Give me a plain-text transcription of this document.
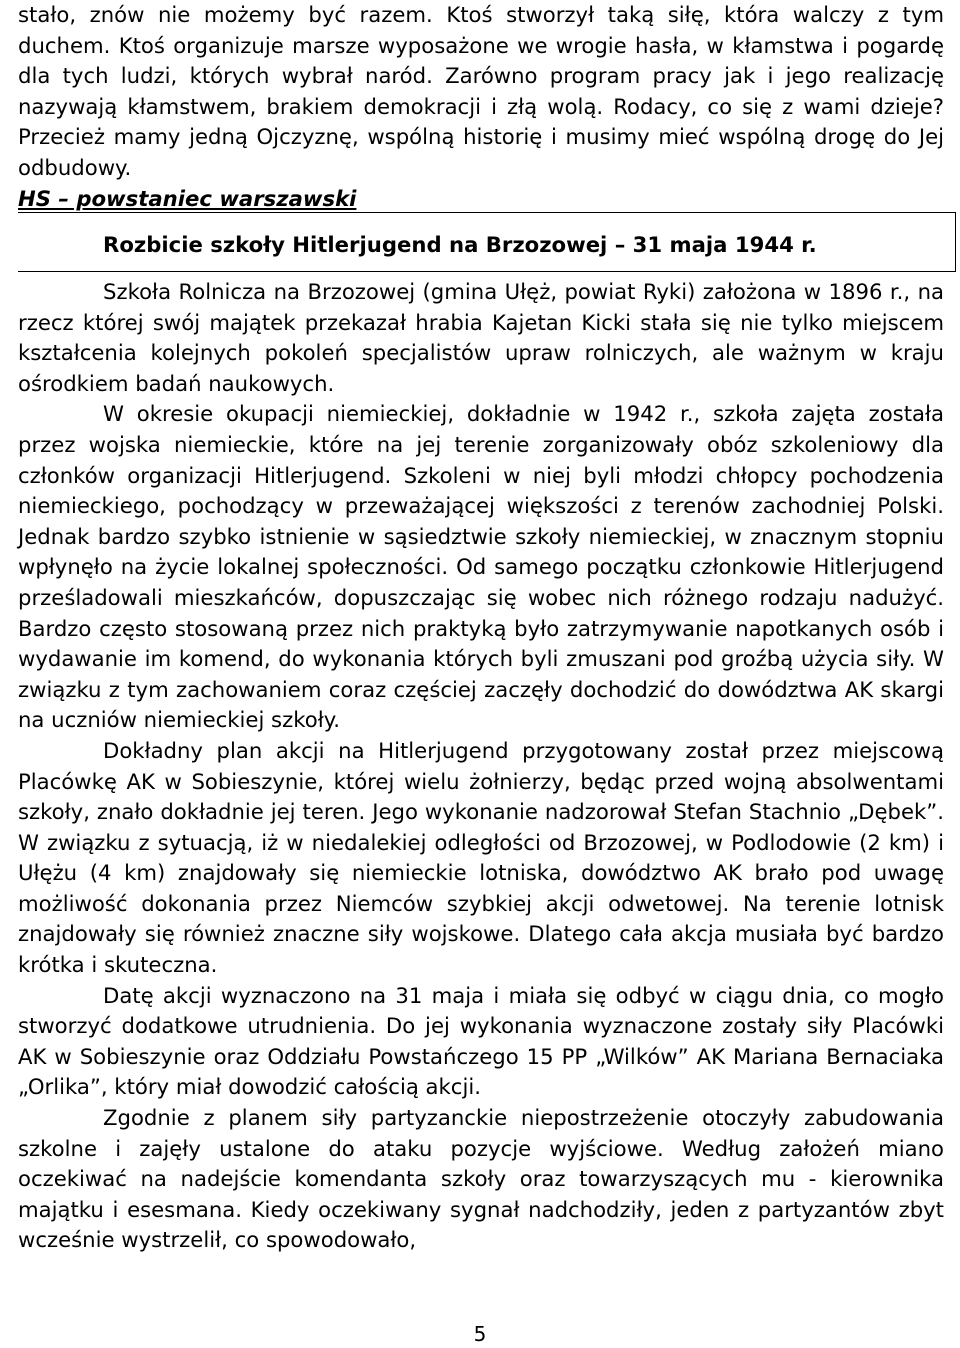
stało, znów nie możemy być razem. Ktoś stworzył taką siłę, która walczy z tym duchem. Ktoś organizuje marsze wyposażone we wrogie hasła, w kłamstwa i pogardę dla tych ludzi, których wybrał naród. Zarówno program pracy jak i jego realizację nazywają kłamstwem, brakiem demokracji i złą wolą. Rodacy, co się z wami dzieje? Przecież mamy jedną Ojczyznę, wspólną historię i musimy mieć wspólną drogę do Jej odbudowy.

HS – powstaniec warszawski

Rozbicie szkoły Hitlerjugend na Brzozowej – 31 maja 1944 r.

Szkoła Rolnicza na Brzozowej (gmina Ułęż, powiat Ryki) założona w 1896 r., na rzecz której swój majątek przekazał hrabia Kajetan Kicki stała się nie tylko miejscem kształcenia kolejnych pokoleń specjalistów upraw rolniczych, ale ważnym w kraju ośrodkiem badań naukowych.

W okresie okupacji niemieckiej, dokładnie w 1942 r., szkoła zajęta została przez wojska niemieckie, które na jej terenie zorganizowały obóz szkoleniowy dla członków organizacji Hitlerjugend. Szkoleni w niej byli młodzi chłopcy pochodzenia niemieckiego, pochodzący w przeważającej większości z terenów zachodniej Polski. Jednak bardzo szybko istnienie w sąsiedztwie szkoły niemieckiej, w znacznym stopniu wpłynęło na życie lokalnej społeczności. Od samego początku członkowie Hitlerjugend prześladowali mieszkańców, dopuszczając się wobec nich różnego rodzaju nadużyć. Bardzo często stosowaną przez nich praktyką było zatrzymywanie napotkanych osób i wydawanie im komend, do wykonania których byli zmuszani pod groźbą użycia siły. W związku z tym zachowaniem coraz częściej zaczęły dochodzić do dowództwa AK skargi na uczniów niemieckiej szkoły.

Dokładny plan akcji na Hitlerjugend przygotowany został przez miejscową Placówkę AK w Sobieszynie, której wielu żołnierzy, będąc przed wojną absolwentami szkoły, znało dokładnie jej teren. Jego wykonanie nadzorował Stefan Stachnio „Dębek”. W związku z sytuacją, iż w niedalekiej odległości od Brzozowej, w Podlodowie (2 km) i Ułężu (4 km) znajdowały się niemieckie lotniska, dowództwo AK brało pod uwagę możliwość dokonania przez Niemców szybkiej akcji odwetowej. Na terenie lotnisk znajdowały się również znaczne siły wojskowe. Dlatego cała akcja musiała być bardzo krótka i skuteczna.

Datę akcji wyznaczono na 31 maja i miała się odbyć w ciągu dnia, co mogło stworzyć dodatkowe utrudnienia. Do jej wykonania wyznaczone zostały siły Placówki AK w Sobieszynie oraz Oddziału Powstańczego 15 PP „Wilków” AK Mariana Bernaciaka „Orlika”, który miał dowodzić całością akcji.

Zgodnie z planem siły partyzanckie niepostrzeżenie otoczyły zabudowania szkolne i zajęły ustalone do ataku pozycje wyjściowe. Według założeń miano oczekiwać na nadejście komendanta szkoły oraz towarzyszących mu - kierownika majątku i esesmana. Kiedy oczekiwany sygnał nadchodziły, jeden z partyzantów zbyt wcześnie wystrzelił, co spowodowało,

5
